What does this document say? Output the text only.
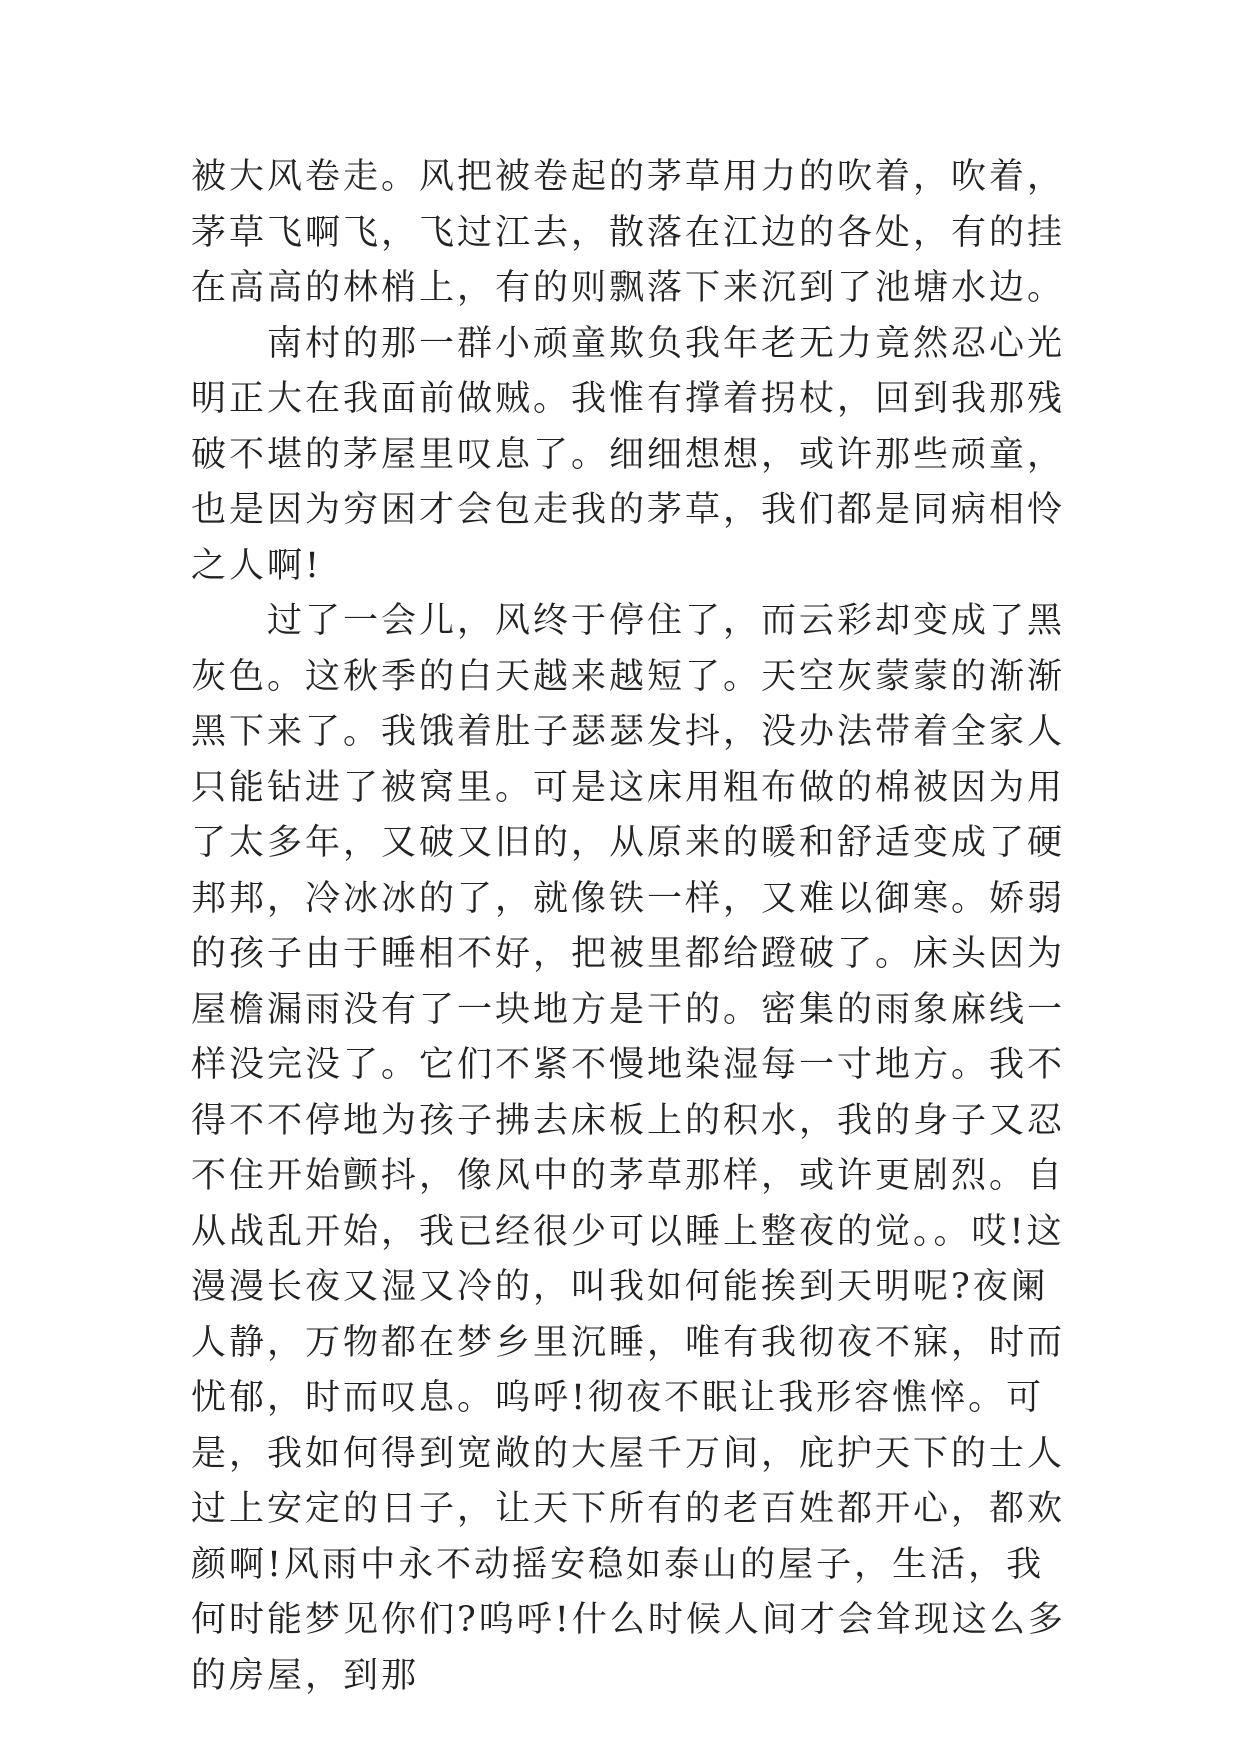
被大风卷走。风把被卷起的茅草用力的吹着，吹着，茅草飞啊飞，飞过江去，散落在江边的各处，有的挂在高高的林梢上，有的则飘落下来沉到了池塘水边。

南村的那一群小顽童欺负我年老无力竟然忍心光明正大在我面前做贼。我惟有撑着拐杖，回到我那残破不堪的茅屋里叹息了。细细想想，或许那些顽童，也是因为穷困才会包走我的茅草，我们都是同病相怜之人啊!

过了一会儿，风终于停住了，而云彩却变成了黑灰色。这秋季的白天越来越短了。天空灰蒙蒙的渐渐黑下来了。我饿着肚子瑟瑟发抖，没办法带着全家人只能钻进了被窝里。可是这床用粗布做的棉被因为用了太多年，又破又旧的，从原来的暖和舒适变成了硬邦邦，冷冰冰的了，就像铁一样，又难以御寒。娇弱的孩子由于睡相不好，把被里都给蹬破了。床头因为屋檐漏雨没有了一块地方是干的。密集的雨象麻线一样没完没了。它们不紧不慢地染湿每一寸地方。我不得不不停地为孩子拂去床板上的积水，我的身子又忍不住开始颤抖，像风中的茅草那样，或许更剧烈。自从战乱开始，我已经很少可以睡上整夜的觉。。哎!这漫漫长夜又湿又冷的，叫我如何能挨到天明呢?夜阑人静，万物都在梦乡里沉睡，唯有我彻夜不寐，时而忧郁，时而叹息。呜呼!彻夜不眠让我形容憔悴。可是，我如何得到宽敞的大屋千万间，庇护天下的士人过上安定的日子，让天下所有的老百姓都开心，都欢颜啊!风雨中永不动摇安稳如泰山的屋子，生活，我何时能梦见你们?呜呼!什么时候人间才会耸现这么多的房屋，到那
